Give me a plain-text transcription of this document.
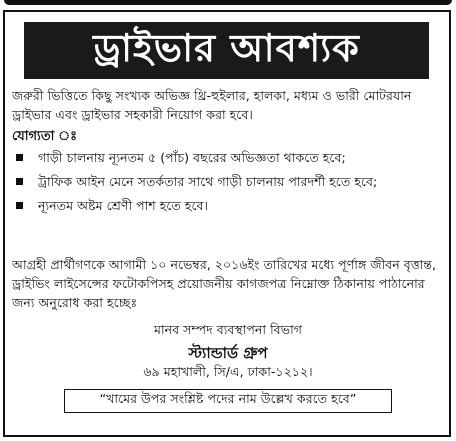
ড্রাইভার আবশ্যক

জরুরী ভিত্তিতে কিছু সংখ্যক অভিজ্ঞ থ্রি-হুইলার, হালকা, মধ্যম ও ভারী মোটরযান ড্রাইভার এবং ড্রাইভার সহকারী নিয়োগ করা হবে।

যোগ্যতা ঃ
গাড়ী চালনায় ন্যূনতম ৫ (পাঁচ) বছরের অভিজ্ঞতা থাকতে হবে;
ট্রাফিক আইন মেনে সতর্কতার সাথে গাড়ী চালনায় পারদর্শী হতে হবে;
ন্যূনতম অষ্টম শ্রেণী পাশ হতে হবে।

আগ্রহী প্রার্থীগণকে আগামী ১০ নভেম্বর, ২০১৬ইং তারিখের মধ্যে পূর্ণাঙ্গ জীবন বৃত্তান্ত, ড্রাইভিং লাইসেন্সের ফটোকপিসহ প্রয়োজনীয় কাগজপত্র নিম্নোক্ত ঠিকানায় পাঠানোর জন্য অনুরোধ করা হচ্ছেঃ

মানব সম্পদ ব্যবস্থাপনা বিভাগ
স্ট্যান্ডার্ড গ্রুপ
৬৯ মহাখালী, সি/এ, ঢাকা-১২১২।
“খামের উপর সংশ্লিষ্ট পদের নাম উল্লেখ করতে হবে”
